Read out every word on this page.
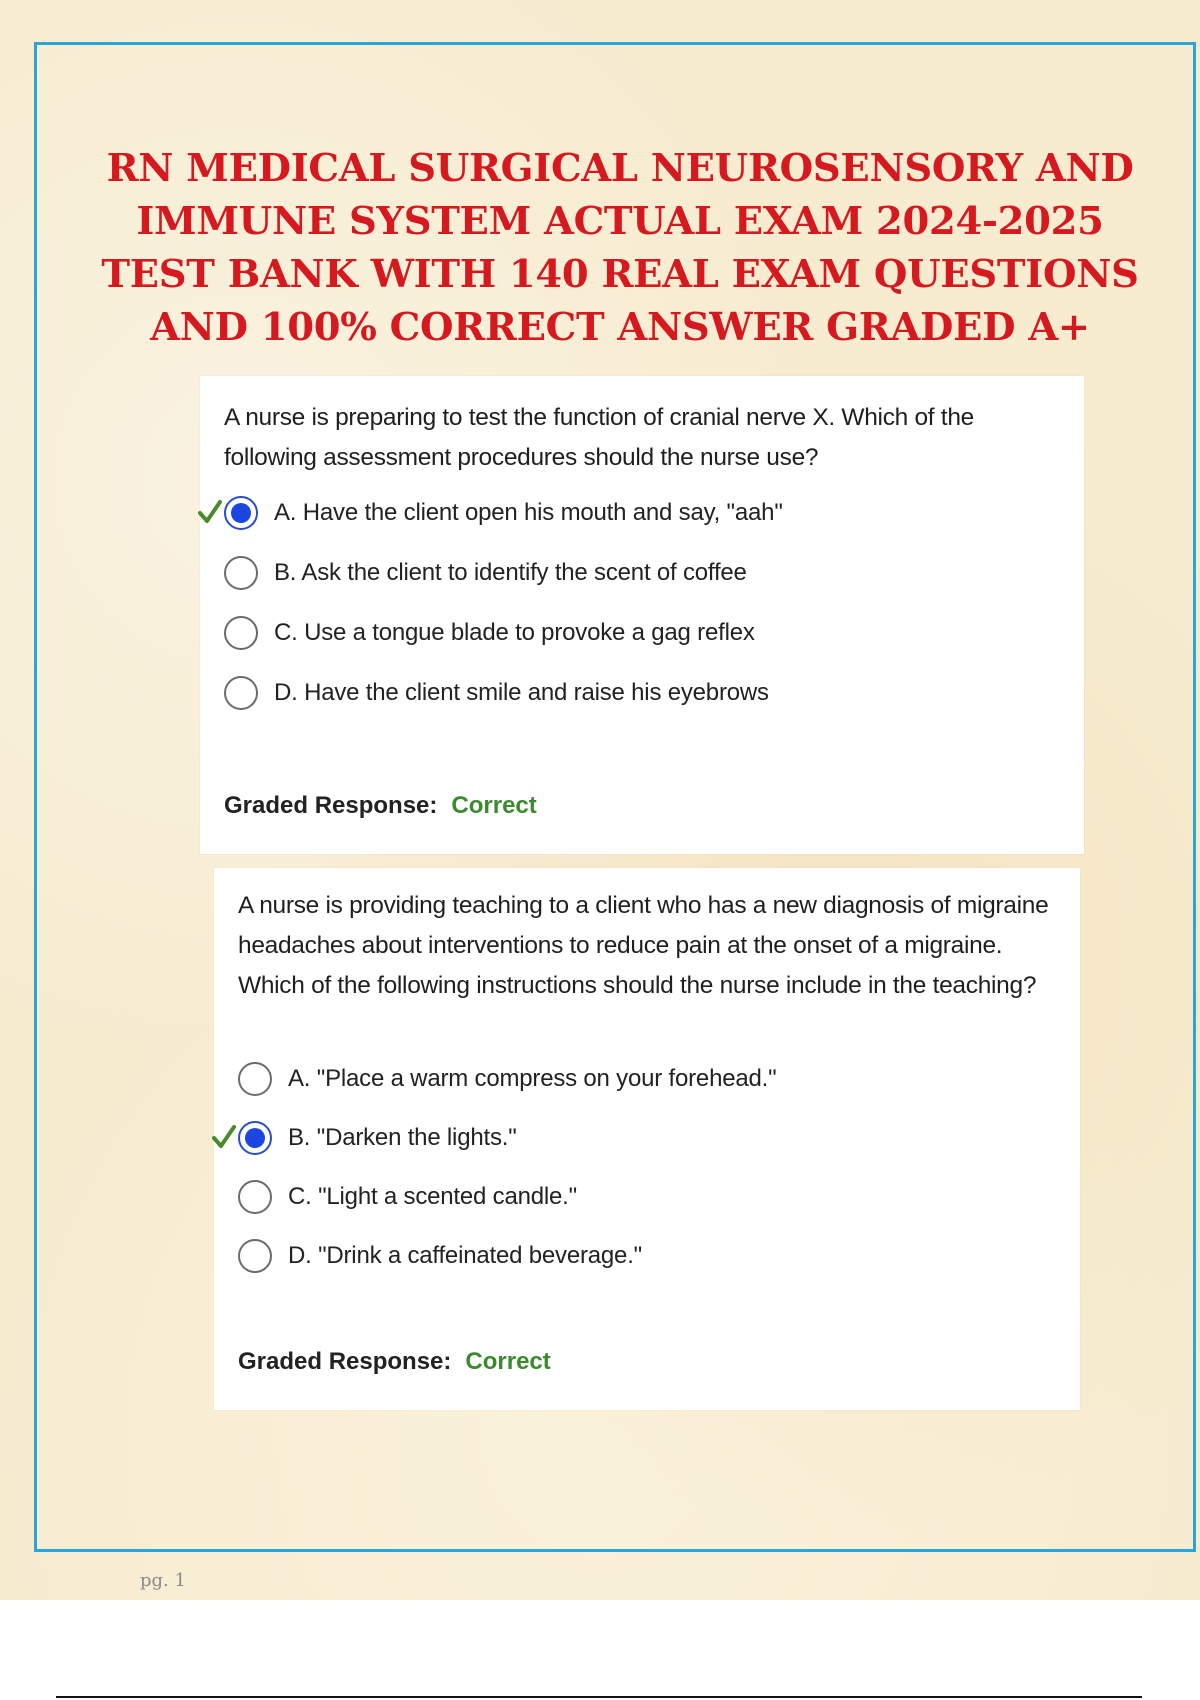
RN MEDICAL SURGICAL NEUROSENSORY AND
IMMUNE SYSTEM ACTUAL EXAM 2024-2025
TEST BANK WITH 140 REAL EXAM QUESTIONS
AND 100% CORRECT ANSWER GRADED A+
A nurse is preparing to test the function of cranial nerve X. Which of the following assessment procedures should the nurse use?
A. Have the client open his mouth and say, "aah"
B. Ask the client to identify the scent of coffee
C. Use a tongue blade to provoke a gag reflex
D. Have the client smile and raise his eyebrows
Graded Response: Correct
A nurse is providing teaching to a client who has a new diagnosis of migraine headaches about interventions to reduce pain at the onset of a migraine. Which of the following instructions should the nurse include in the teaching?
A. "Place a warm compress on your forehead."
B. "Darken the lights."
C. "Light a scented candle."
D. "Drink a caffeinated beverage."
Graded Response: Correct
pg. 1
